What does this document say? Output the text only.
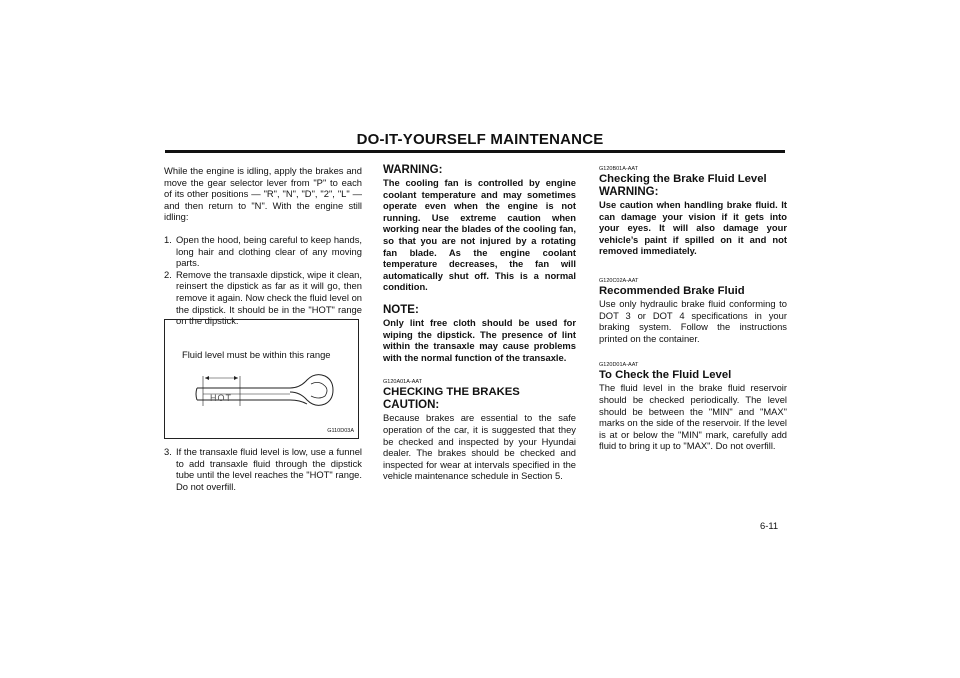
DO-IT-YOURSELF MAINTENANCE

While the engine is idling, apply the brakes and move the gear selector lever from "P" to each of its other positions — "R", "N", "D", "2", "L" — and then return to "N". With the engine still idling:

1. Open the hood, being careful to keep hands, long hair and clothing clear of any moving parts.
2. Remove the transaxle dipstick, wipe it clean, reinsert the dipstick as far as it will go, then remove it again. Now check the fluid level on the dipstick. It should be in the "HOT" range on the dipstick.
Fluid level must be within this range
HOT
G110D03A
3. If the transaxle fluid level is low, use a funnel to add transaxle fluid through the dipstick tube until the level reaches the "HOT" range. Do not overfill.
WARNING:

The cooling fan is controlled by engine coolant temperature and may sometimes operate even when the engine is not running. Use extreme caution when working near the blades of the cooling fan, so that you are not injured by a rotating fan blade. As the engine coolant temperature decreases, the fan will automatically shut off. This is a normal condition.

NOTE:

Only lint free cloth should be used for wiping the dipstick. The presence of lint within the transaxle may cause problems with the normal function of the transaxle.

G120A01A-AAT
CHECKING THE BRAKES
CAUTION:

Because brakes are essential to the safe operation of the car, it is suggested that they be checked and inspected by your Hyundai dealer. The brakes should be checked and inspected for wear at intervals specified in the vehicle maintenance schedule in Section 5.

G120B01A-AAT
Checking the Brake Fluid Level
WARNING:

Use caution when handling brake fluid. It can damage your vision if it gets into your eyes. It will also damage your vehicle’s paint if spilled on it and not removed immediately.

G120C02A-AAT
Recommended Brake Fluid

Use only hydraulic brake fluid conforming to DOT 3 or DOT 4 specifications in your braking system. Follow the instructions printed on the container.

G120D01A-AAT
To Check the Fluid Level

The fluid level in the brake fluid reservoir should be checked periodically. The level should be between the "MIN" and "MAX" marks on the side of the reservoir. If the level is at or below the "MIN" mark, carefully add fluid to bring it up to "MAX". Do not overfill.

6-11
